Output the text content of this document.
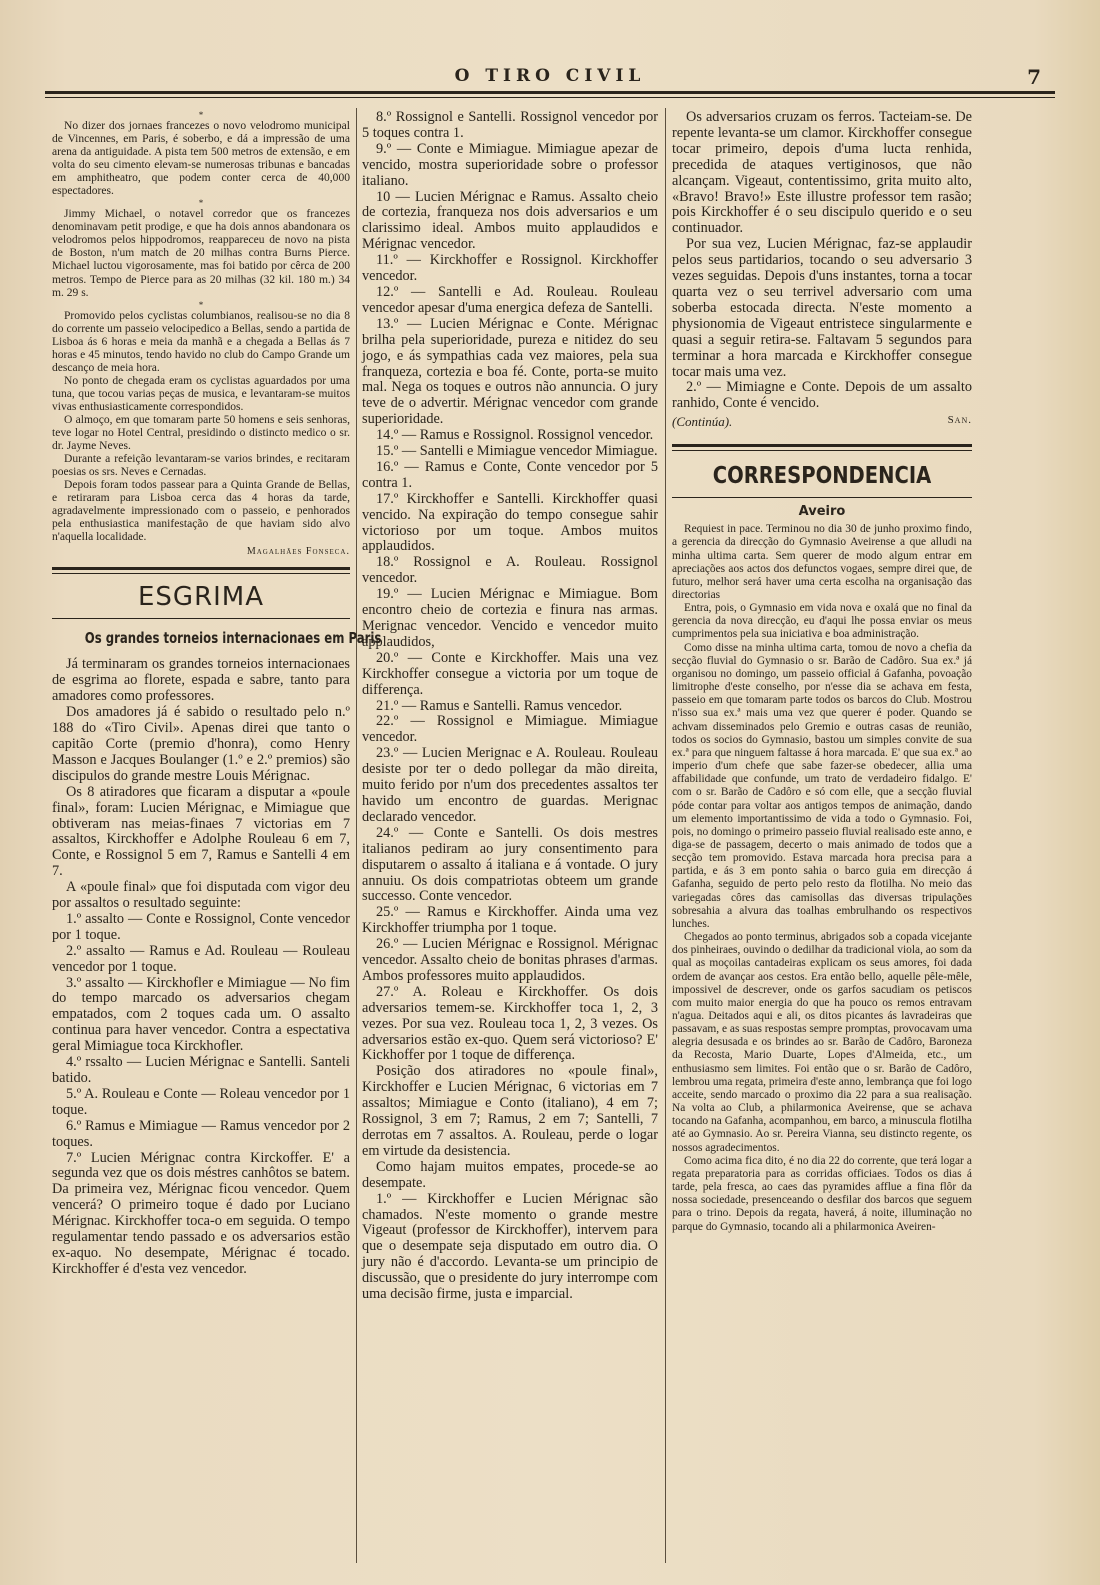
O TIRO CIVIL	7
*

No dizer dos jornaes francezes o novo velodromo municipal de Vincennes, em Paris, é soberbo, e dá a impressão de uma arena da antiguidade. A pista tem 500 metros de extensão, e em volta do seu cimento elevam-se numerosas tribunas e bancadas em amphitheatro, que podem conter cerca de 40,000 espectadores.

*

Jimmy Michael, o notavel corredor que os francezes denominavam petit prodige, e que ha dois annos abandonara os velodromos pelos hippodromos, reappareceu de novo na pista de Boston, n'um match de 20 milhas contra Burns Pierce. Michael luctou vigorosamente, mas foi batido por cêrca de 200 metros. Tempo de Pierce para as 20 milhas (32 kil. 180 m.) 34 m. 29 s.

*

Promovido pelos cyclistas columbianos, realisou-se no dia 8 do corrente um passeio velocipedico a Bellas, sendo a partida de Lisboa ás 6 horas e meia da manhã e a chegada a Bellas ás 7 horas e 45 minutos, tendo havido no club do Campo Grande um descanço de meia hora.

No ponto de chegada eram os cyclistas aguardados por uma tuna, que tocou varias peças de musica, e levantaram-se muitos vivas enthusiasticamente correspondidos.

O almoço, em que tomaram parte 50 homens e seis senhoras, teve logar no Hotel Central, presidindo o distincto medico o sr. dr. Jayme Neves.

Durante a refeição levantaram-se varios brindes, e recitaram poesias os srs. Neves e Cernadas.

Depois foram todos passear para a Quinta Grande de Bellas, e retiraram para Lisboa cerca das 4 horas da tarde, agradavelmente impressionado com o passeio, e penhorados pela enthusiastica manifestação de que haviam sido alvo n'aquella localidade.

Magalhães Fonseca.
ESGRIMA
Os grandes torneios internacionaes em Paris

Já terminaram os grandes torneios internacionaes de esgrima ao florete, espada e sabre, tanto para amadores como professores.

Dos amadores já é sabido o resultado pelo n.º 188 do «Tiro Civil». Apenas direi que tanto o capitão Corte (premio d'honra), como Henry Masson e Jacques Boulanger (1.º e 2.º premios) são discipulos do grande mestre Louis Mérignac.

Os 8 atiradores que ficaram a disputar a «poule final», foram: Lucien Mérignac, e Mimiague que obtiveram nas meias-finaes 7 victorias em 7 assaltos, Kirckhoffer e Adolphe Rouleau 6 em 7, Conte, e Rossignol 5 em 7, Ramus e Santelli 4 em 7.

A «poule final» que foi disputada com vigor deu por assaltos o resultado seguinte:

1.º assalto — Conte e Rossignol, Conte vencedor por 1 toque.

2.º assalto — Ramus e Ad. Rouleau — Rouleau vencedor por 1 toque.

3.º assalto — Kirckhofler e Mimiague — No fim do tempo marcado os adversarios chegam empatados, com 2 toques cada um. O assalto continua para haver vencedor. Contra a espectativa geral Mimiague toca Kirckhofler.

4.º rssalto — Lucien Mérignac e Santelli. Santeli batido.

5.º A. Rouleau e Conte — Roleau vencedor por 1 toque.

6.º Ramus e Mimiague — Ramus vencedor por 2 toques.

7.º Lucien Mérignac contra Kirckoffer. E' a segunda vez que os dois méstres canhôtos se batem. Da primeira vez, Mérignac ficou vencedor. Quem vencerá? O primeiro toque é dado por Luciano Mérignac. Kirckhoffer toca-o em seguida. O tempo regulamentar tendo passado e os adversarios estão ex-aquo. No desempate, Mérignac é tocado. Kirckhoffer é d'esta vez vencedor.

8.º Rossignol e Santelli. Rossignol vencedor por 5 toques contra 1.

9.º — Conte e Mimiague. Mimiague apezar de vencido, mostra superioridade sobre o professor italiano.

10 — Lucien Mérignac e Ramus. Assalto cheio de cortezia, franqueza nos dois adversarios e um clarissimo ideal. Ambos muito applaudidos e Mérignac vencedor.

11.º — Kirckhoffer e Rossignol. Kirckhoffer vencedor.

12.º — Santelli e Ad. Rouleau. Rouleau vencedor apesar d'uma energica defeza de Santelli.

13.º — Lucien Mérignac e Conte. Mérignac brilha pela superioridade, pureza e nitidez do seu jogo, e ás sympathias cada vez maiores, pela sua franqueza, cortezia e boa fé. Conte, porta-se muito mal. Nega os toques e outros não annuncia. O jury teve de o advertir. Mérignac vencedor com grande superioridade.

14.º — Ramus e Rossignol. Rossignol vencedor.

15.º — Santelli e Mimiague vencedor Mimiague.

16.º — Ramus e Conte, Conte vencedor por 5 contra 1.

17.º Kirckhoffer e Santelli. Kirckhoffer quasi vencido. Na expiração do tempo consegue sahir victorioso por um toque. Ambos muitos applaudidos.

18.º Rossignol e A. Rouleau. Rossignol vencedor.

19.º — Lucien Mérignac e Mimiague. Bom encontro cheio de cortezia e finura nas armas. Merignac vencedor. Vencido e vencedor muito applaudidos,

20.º — Conte e Kirckhoffer. Mais una vez Kirckhoffer consegue a victoria por um toque de differença.

21.º — Ramus e Santelli. Ramus vencedor.

22.º — Rossignol e Mimiague. Mimiague vencedor.

23.º — Lucien Merignac e A. Rouleau. Rouleau desiste por ter o dedo pollegar da mão direita, muito ferido por n'um dos precedentes assaltos ter havido um encontro de guardas. Merignac declarado vencedor.

24.º — Conte e Santelli. Os dois mestres italianos pediram ao jury consentimento para disputarem o assalto á italiana e á vontade. O jury annuiu. Os dois compatriotas obteem um grande successo. Conte vencedor.

25.º — Ramus e Kirckhoffer. Ainda uma vez Kirckhoffer triumpha por 1 toque.

26.º — Lucien Mérignac e Rossignol. Mérignac vencedor. Assalto cheio de bonitas phrases d'armas. Ambos professores muito applaudidos.

27.º A. Roleau e Kirckhoffer. Os dois adversarios temem-se. Kirckhoffer toca 1, 2, 3 vezes. Por sua vez. Rouleau toca 1, 2, 3 vezes. Os adversarios estão ex-quo. Quem será victorioso? E' Kickhoffer por 1 toque de differença.

Posição dos atiradores no «poule final», Kirckhoffer e Lucien Mérignac, 6 victorias em 7 assaltos; Mimiague e Conto (italiano), 4 em 7; Rossignol, 3 em 7; Ramus, 2 em 7; Santelli, 7 derrotas em 7 assaltos. A. Rouleau, perde o logar em virtude da desistencia.

Como hajam muitos empates, procede-se ao desempate.

1.º — Kirckhoffer e Lucien Mérignac são chamados. N'este momento o grande mestre Vigeaut (professor de Kirckhoffer), intervem para que o desempate seja disputado em outro dia. O jury não é d'accordo. Levanta-se um principio de discussão, que o presidente do jury interrompe com uma decisão firme, justa e imparcial.

Os adversarios cruzam os ferros. Tacteiam-se. De repente levanta-se um clamor. Kirckhoffer consegue tocar primeiro, depois d'uma lucta renhida, precedida de ataques vertiginosos, que não alcançam. Vigeaut, contentissimo, grita muito alto, «Bravo! Bravo!» Este illustre professor tem rasão; pois Kirckhoffer é o seu discipulo querido e o seu continuador.

Por sua vez, Lucien Mérignac, faz-se applaudir pelos seus partidarios, tocando o seu adversario 3 vezes seguidas. Depois d'uns instantes, torna a tocar quarta vez o seu terrivel adversario com uma soberba estocada directa. N'este momento a physionomia de Vigeaut entristece singularmente e quasi a seguir retira-se. Faltavam 5 segundos para terminar a hora marcada e Kirckhoffer consegue tocar mais uma vez.

2.º — Mimiagne e Conte. Depois de um assalto ranhido, Conte é vencido.

(Continúa).	San.
CORRESPONDENCIA
Aveiro

Requiest in pace. Terminou no dia 30 de junho proximo findo, a gerencia da direcção do Gymnasio Aveirense a que alludi na minha ultima carta. Sem querer de modo algum entrar em apreciações aos actos dos defunctos vogaes, sempre direi que, de futuro, melhor será haver uma certa escolha na organisação das directorias

Entra, pois, o Gymnasio em vida nova e oxalá que no final da gerencia da nova direcção, eu d'aqui lhe possa enviar os meus cumprimentos pela sua iniciativa e boa administração.

Como disse na minha ultima carta, tomou de novo a chefia da secção fluvial do Gymnasio o sr. Barão de Cadôro. Sua ex.ª já organisou no domingo, um passeio official á Gafanha, povoação limitrophe d'este conselho, por n'esse dia se achava em festa, passeio em que tomaram parte todos os barcos do Club. Mostrou n'isso sua ex.ª mais uma vez que querer é poder. Quando se achvam disseminados pelo Gremio e outras casas de reunião, todos os socios do Gymnasio, bastou um simples convite de sua ex.ª para que ninguem faltasse á hora marcada. E' que sua ex.ª ao imperio d'um chefe que sabe fazer-se obedecer, allia uma affabilidade que confunde, um trato de verdadeiro fidalgo. E' com o sr. Barão de Cadôro e só com elle, que a secção fluvial póde contar para voltar aos antigos tempos de animação, dando um elemento importantissimo de vida a todo o Gymnasio. Foi, pois, no domingo o primeiro passeio fluvial realisado este anno, e diga-se de passagem, decerto o mais animado de todos que a secção tem promovido. Estava marcada hora precisa para a partida, e ás 3 em ponto sahia o barco guia em direcção á Gafanha, seguido de perto pelo resto da flotilha. No meio das variegadas côres das camisollas das diversas tripulações sobresahia a alvura das toalhas embrulhando os respectivos lunches.

Chegados ao ponto terminus, abrigados sob a copada vicejante dos pinheiraes, ouvindo o dedilhar da tradicional viola, ao som da qual as moçoilas cantadeiras explicam os seus amores, foi dada ordem de avançar aos cestos. Era então bello, aquelle pêle-mêle, impossivel de descrever, onde os garfos sacudiam os petiscos com muito maior energia do que ha pouco os remos entravam n'agua. Deitados aqui e ali, os ditos picantes ás lavradeiras que passavam, e as suas respostas sempre promptas, provocavam uma alegria desusada e os brindes ao sr. Barão de Cadôro, Baroneza da Recosta, Mario Duarte, Lopes d'Almeida, etc., um enthusiasmo sem limites. Foi então que o sr. Barão de Cadôro, lembrou uma regata, primeira d'este anno, lembrança que foi logo acceite, sendo marcado o proximo dia 22 para a sua realisação. Na volta ao Club, a philarmonica Aveirense, que se achava tocando na Gafanha, acompanhou, em barco, a minuscula flotilha até ao Gymnasio. Ao sr. Pereira Vianna, seu distincto regente, os nossos agradecimentos.

Como acima fica dito, é no dia 22 do corrente, que terá logar a regata preparatoria para as corridas officiaes. Todos os dias á tarde, pela fresca, ao caes das pyramides afflue a fina flôr da nossa sociedade, presenceando o desfilar dos barcos que seguem para o trino. Depois da regata, haverá, á noite, illuminação no parque do Gymnasio, tocando ali a philarmonica Aveiren-
